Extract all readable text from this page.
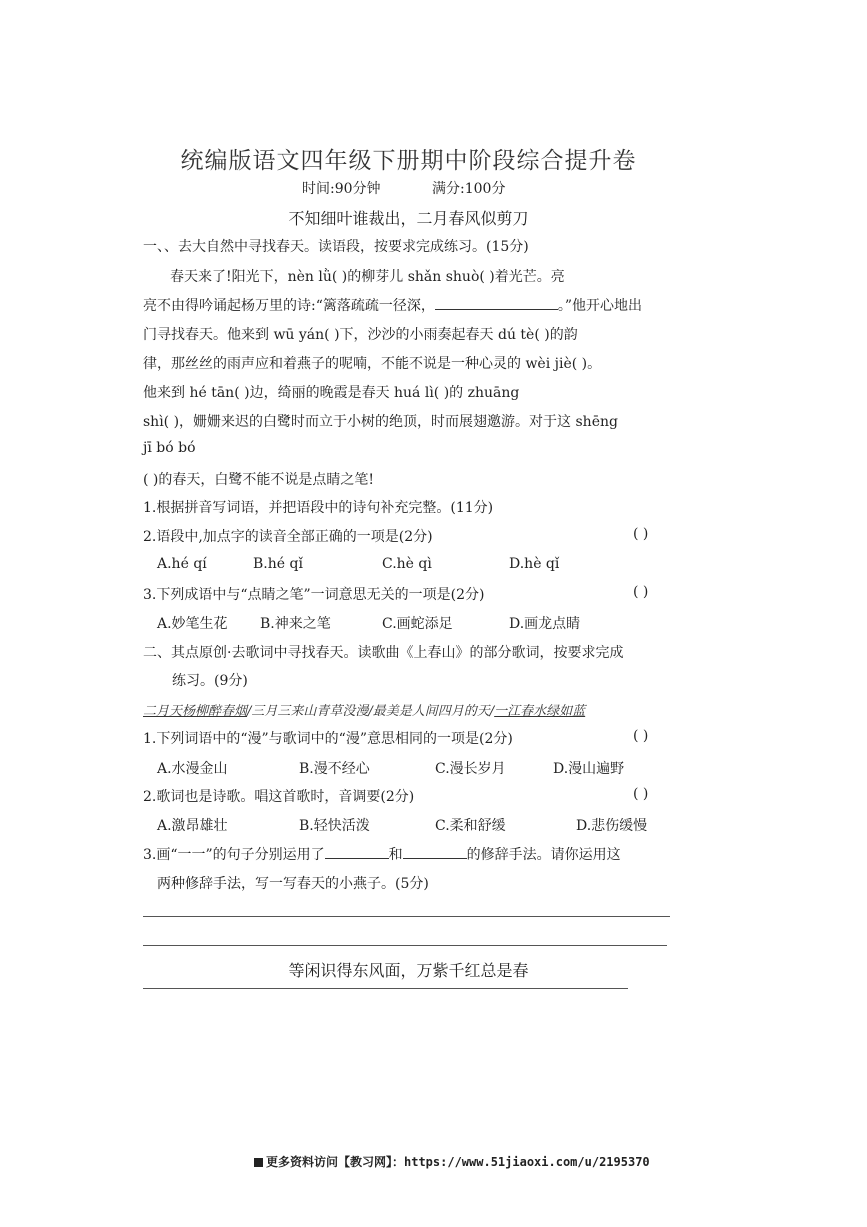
统编版语文四年级下册期中阶段综合提升卷
时间:90分钟	满分:100分
不知细叶谁裁出，二月春风似剪刀
一、、去大自然中寻找春天。读语段，按要求完成练习。(15分)
春天来了!阳光下，nèn lǜ( )的柳芽儿 shǎn shuò( )着光芒。亮
亮不由得吟诵起杨万里的诗:“篱落疏疏一径深，	。”他开心地出
门寻找春天。他来到 wū yán( )下，沙沙的小雨奏起春天 dú tè( )的韵
律，那丝丝的雨声应和着燕子的呢喃，不能不说是一种心灵的 wèi jiè( )。
他来到 hé tān( )边，绮丽的晚霞是春天 huá lì( )的 zhuāng
shì( )，姗姗来迟的白鹭时而立于小树的绝顶，时而展翅邀游。对于这 shēng
jī bó bó
( )的春天，白鹭不能不说是点睛之笔!
1.根据拼音写词语，并把语段中的诗句补充完整。(11分)
2.语段中,加点字的读音全部正确的一项是(2分)	( )
A.hé qí	B.hé qǐ	C.hè qì	D.hè qǐ
3.下列成语中与“点睛之笔”一词意思无关的一项是(2分)	( )
A.妙笔生花 B.神来之笔	C.画蛇添足	D.画龙点睛
二、其点原创·去歌词中寻找春天。读歌曲《上春山》的部分歌词，按要求完成
练习。(9分)
二月天杨柳醉春烟/三月三来山青草没漫/最美是人间四月的天/一江春水绿如蓝
1.下列词语中的“漫”与歌词中的“漫”意思相同的一项是(2分)	( )
A.水漫金山	B.漫不经心	C.漫长岁月	D.漫山遍野
2.歌词也是诗歌。唱这首歌时，音调要(2分)	( )
A.激昂雄壮	B.轻快活泼	C.柔和舒缓	D.悲伤缓慢
3.画“一一”的句子分别运用了	和	的修辞手法。请你运用这
两种修辞手法，写一写春天的小燕子。(5分)
等闲识得东风面，万紫千红总是春
更多资料访问【教习网】：https://www.51jiaoxi.com/u/2195370
